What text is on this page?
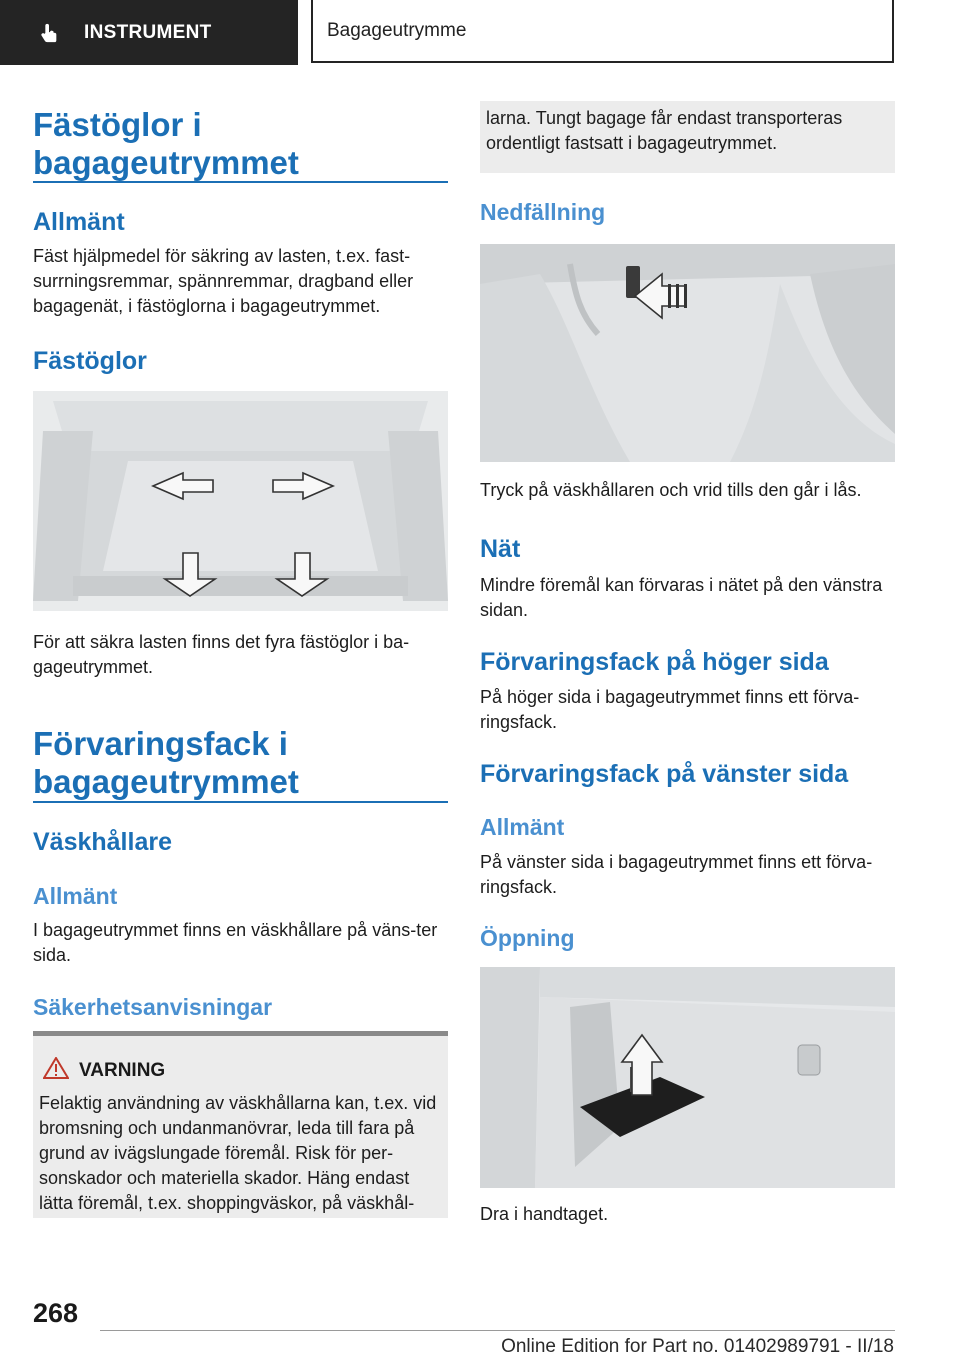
INSTRUMENT	Bagageutrymme
Fästöglor i bagageutrymmet
Allmänt
Fäst hjälpmedel för säkring av lasten, t.ex. fast-surrningsremmar, spännremmar, dragband eller bagagenät, i fästöglorna i bagageutrymmet.
Fästöglor
För att säkra lasten finns det fyra fästöglor i ba-gageutrymmet.
Förvaringsfack i bagageutrymmet
Väskhållare
Allmänt
I bagageutrymmet finns en väskhållare på väns-ter sida.
Säkerhetsanvisningar
VARNING
Felaktig användning av väskhållarna kan, t.ex. vid bromsning och undanmanövrar, leda till fara på grund av ivägslungade föremål. Risk för per-sonskador och materiella skador. Häng endast lätta föremål, t.ex. shoppingväskor, på väskhål-
larna. Tungt bagage får endast transporteras ordentligt fastsatt i bagageutrymmet.
Nedfällning
Tryck på väskhållaren och vrid tills den går i lås.
Nät
Mindre föremål kan förvaras i nätet på den vänstra sidan.
Förvaringsfack på höger sida
På höger sida i bagageutrymmet finns ett förva-ringsfack.
Förvaringsfack på vänster sida
Allmänt
På vänster sida i bagageutrymmet finns ett förva-ringsfack.
Öppning
Dra i handtaget.
268
Online Edition for Part no. 01402989791 - II/18
